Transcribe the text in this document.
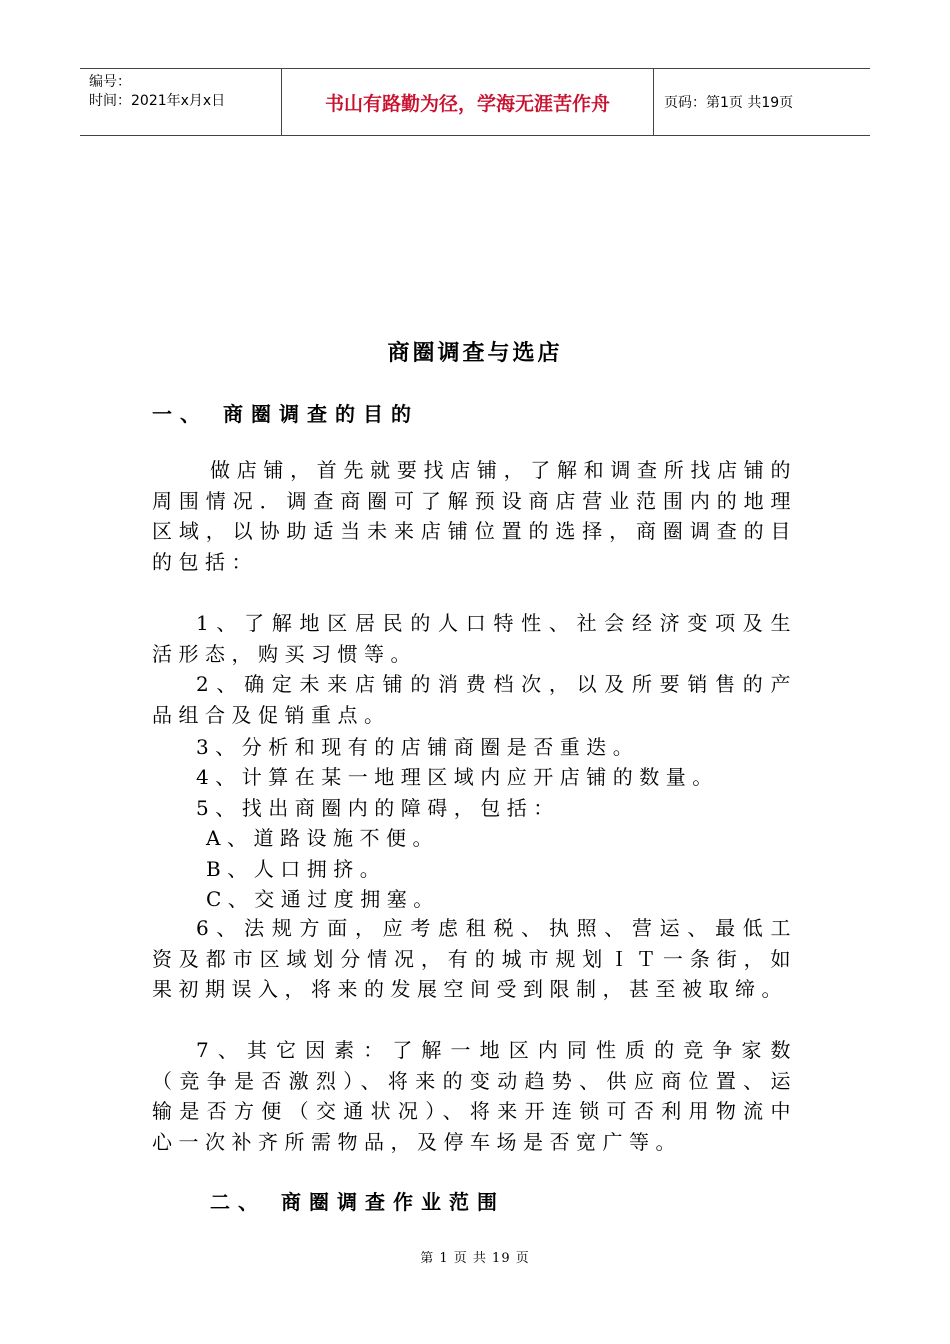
编号：
时间：2021年x月x日	书山有路勤为径，学海无涯苦作舟	页码：第1页 共19页
商圈调查与选店
一、 商圈调查的目的
做店铺，首先就要找店铺，了解和调查所找店铺的周围情况．调查商圈可了解预设商店营业范围内的地理区域，以协助适当未来店铺位置的选择，商圈调查的目的包括：
1、了解地区居民的人口特性、社会经济变项及生活形态，购买习惯等。
2、确定未来店铺的消费档次，以及所要销售的产品组合及促销重点。
3、分析和现有的店铺商圈是否重迭。
4、计算在某一地理区域内应开店铺的数量。
5、找出商圈内的障碍，包括：
A、道路设施不便。
B、人口拥挤。
C、交通过度拥塞。
6、法规方面，应考虑租税、执照、营运、最低工资及都市区域划分情况，有的城市规划ＩＴ一条街，如果初期误入，将来的发展空间受到限制，甚至被取缔。
7、其它因素：了解一地区内同性质的竞争家数（竞争是否激烈）、将来的变动趋势、供应商位置、运输是否方便（交通状况）、将来开连锁可否利用物流中心一次补齐所需物品，及停车场是否宽广等。
二、 商圈调查作业范围
第 1 页 共 19 页
